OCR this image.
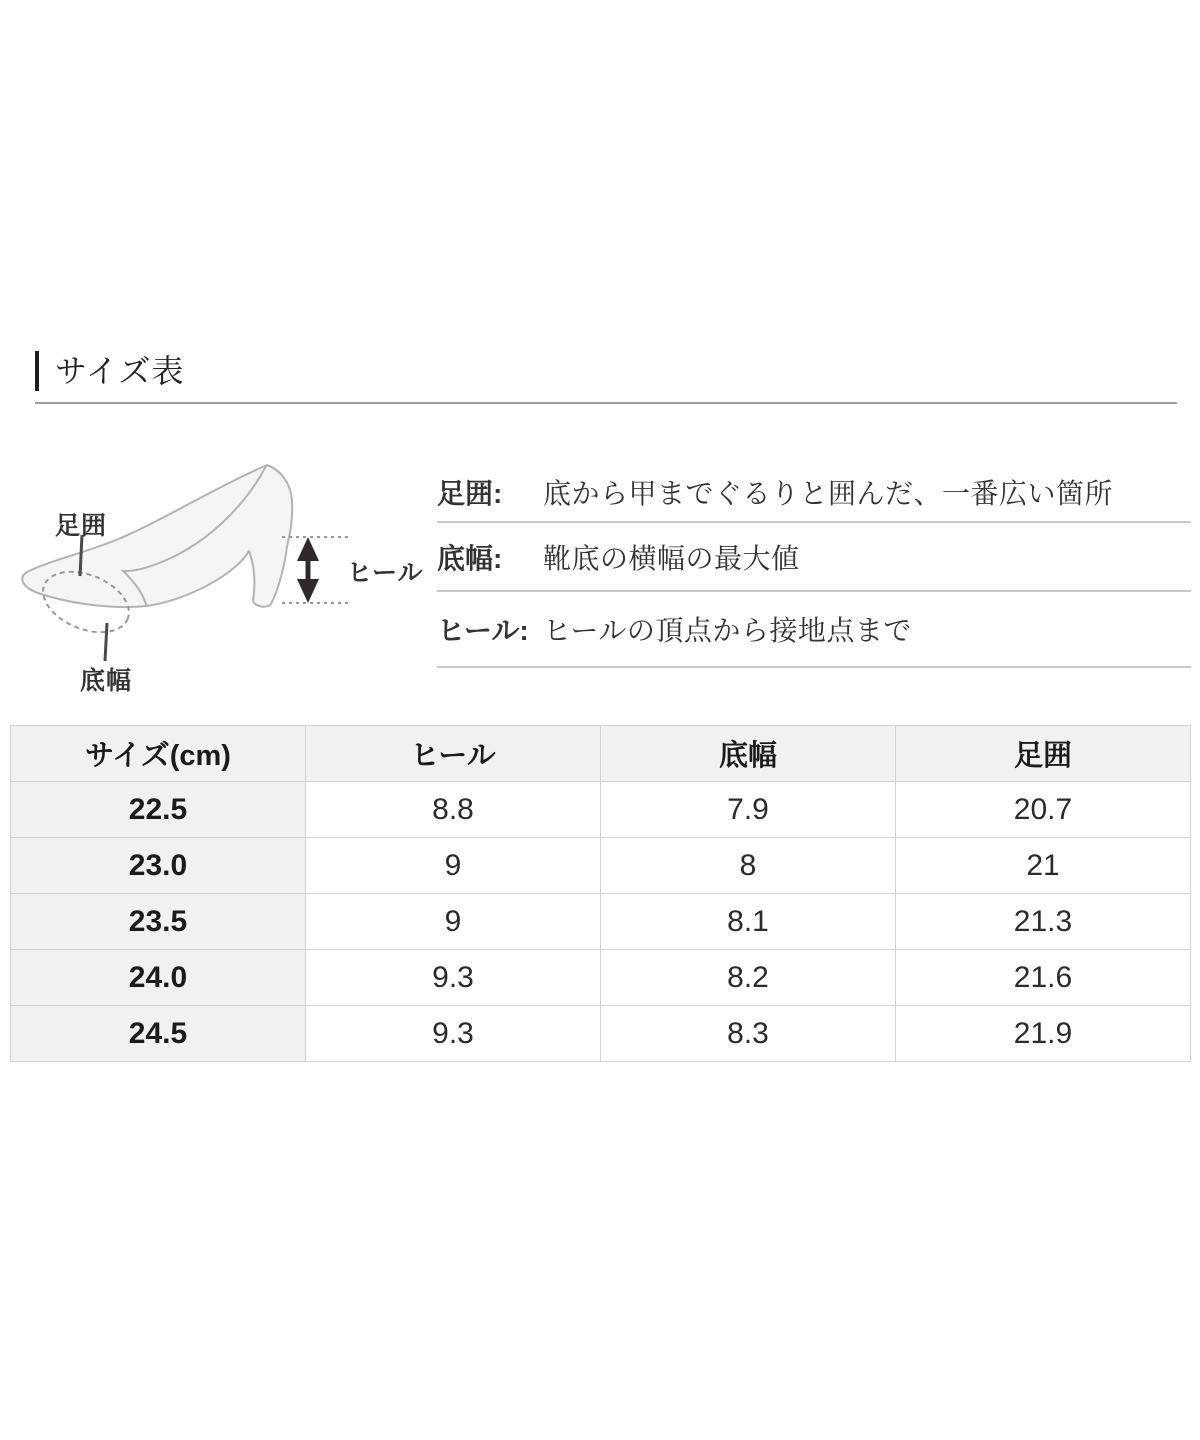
サイズ表
足囲
底幅
ヒール
足囲:	底から甲までぐるりと囲んだ、一番広い箇所
底幅:	靴底の横幅の最大値
ヒール: ヒールの頂点から接地点まで
サイズ(cm)	ヒール	底幅	足囲
22.5	8.8	7.9	20.7
23.0	9	8	21
23.5	9	8.1	21.3
24.0	9.3	8.2	21.6
24.5	9.3	8.3	21.9
